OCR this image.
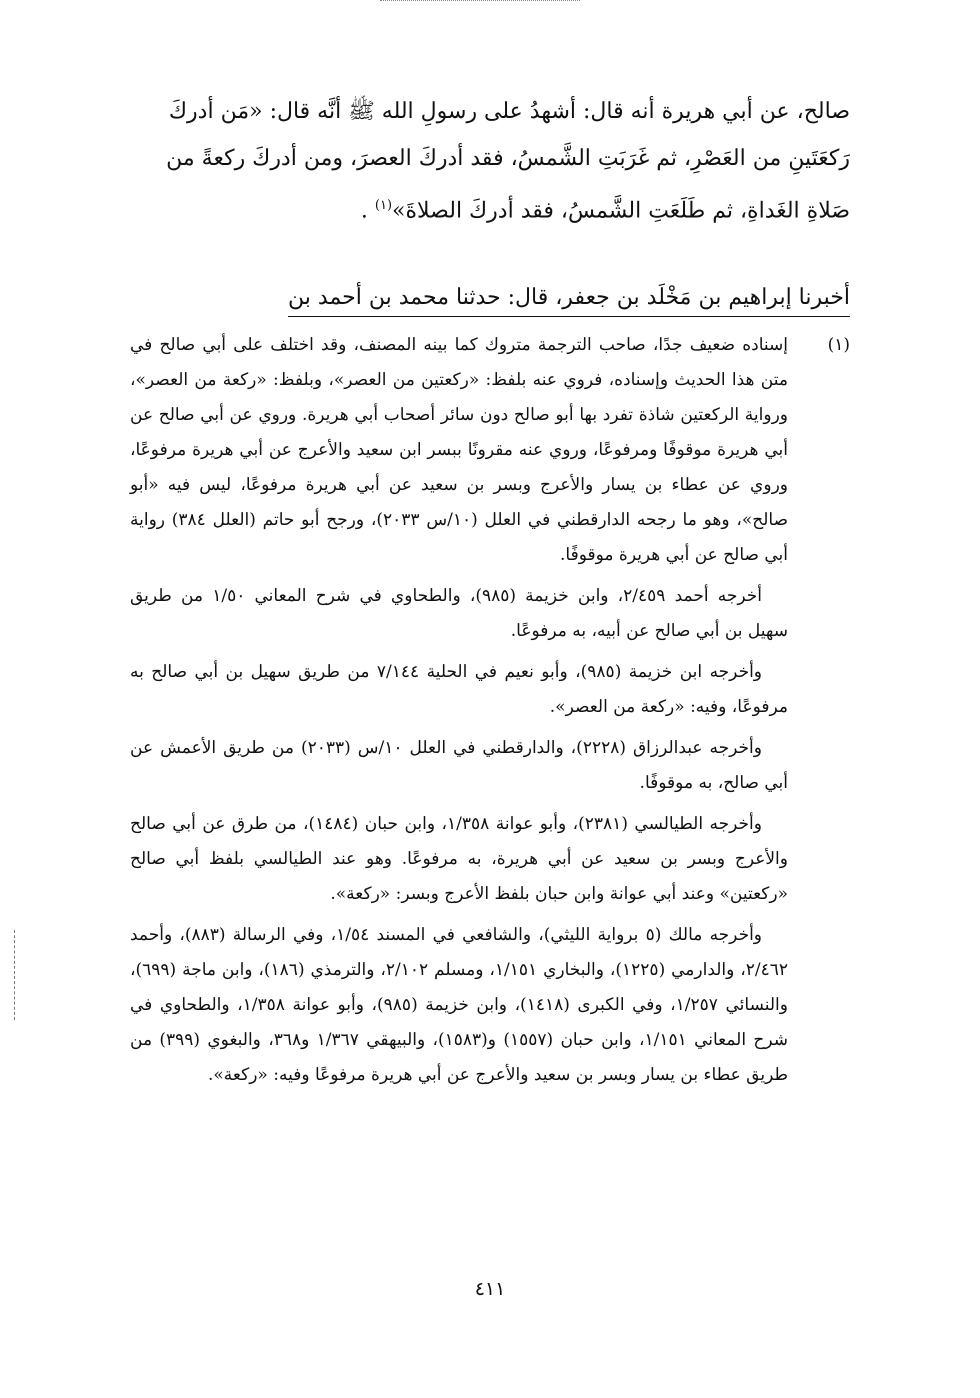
صالح، عن أبي هريرة أنه قال: أشهدُ على رسولِ الله ﷺ أنَّه قال: «مَن أدركَ

رَكعَتَينِ من العَصْرِ، ثم غَرَبَتِ الشَّمسُ، فقد أدركَ العصرَ، ومن أدركَ ركعةً من

صَلاةِ الغَداةِ، ثم طَلَعَتِ الشَّمسُ، فقد أدركَ الصلاةَ»$^{(١)}$ .

أخبرنا إبراهيم بن مَخْلَد بن جعفر، قال: حدثنا محمد بن أحمد بن

(١)
إسناده ضعيف جدًا، صاحب الترجمة متروك كما بينه المصنف، وقد اختلف على أبي صالح في متن هذا الحديث وإسناده، فروي عنه بلفظ: «ركعتين من العصر»، وبلفظ: «ركعة من العصر»، ورواية الركعتين شاذة تفرد بها أبو صالح دون سائر أصحاب أبي هريرة. وروي عن أبي صالح عن أبي هريرة موقوفًا ومرفوعًا، وروي عنه مقرونًا ببسر ابن سعيد والأعرج عن أبي هريرة مرفوعًا، وروي عن عطاء بن يسار والأعرج وبسر بن سعيد عن أبي هريرة مرفوعًا، ليس فيه «أبو صالح»، وهو ما رجحه الدارقطني في العلل (١٠/س ٢٠٣٣)، ورجح أبو حاتم (العلل ٣٨٤) رواية أبي صالح عن أبي هريرة موقوفًا.

أخرجه أحمد ٢/٤٥٩، وابن خزيمة (٩٨٥)، والطحاوي في شرح المعاني ١/٥٠ من طريق سهيل بن أبي صالح عن أبيه، به مرفوعًا.

وأخرجه ابن خزيمة (٩٨٥)، وأبو نعيم في الحلية ٧/١٤٤ من طريق سهيل بن أبي صالح به مرفوعًا، وفيه: «ركعة من العصر».

وأخرجه عبدالرزاق (٢٢٢٨)، والدارقطني في العلل ١٠/س (٢٠٣٣) من طريق الأعمش عن أبي صالح، به موقوفًا.

وأخرجه الطيالسي (٢٣٨١)، وأبو عوانة ١/٣٥٨، وابن حبان (١٤٨٤)، من طرق عن أبي صالح والأعرج وبسر بن سعيد عن أبي هريرة، به مرفوعًا. وهو عند الطيالسي بلفظ أبي صالح «ركعتين» وعند أبي عوانة وابن حبان بلفظ الأعرج وبسر: «ركعة».

وأخرجه مالك (٥ برواية الليثي)، والشافعي في المسند ١/٥٤، وفي الرسالة (٨٨٣)، وأحمد ٢/٤٦٢، والدارمي (١٢٢٥)، والبخاري ١/١٥١، ومسلم ٢/١٠٢، والترمذي (١٨٦)، وابن ماجة (٦٩٩)، والنسائي ١/٢٥٧، وفي الكبرى (١٤١٨)، وابن خزيمة (٩٨٥)، وأبو عوانة ١/٣٥٨، والطحاوي في شرح المعاني ١/١٥١، وابن حبان (١٥٥٧) و(١٥٨٣)، والبيهقي ١/٣٦٧ و٣٦٨، والبغوي (٣٩٩) من طريق عطاء بن يسار وبسر بن سعيد والأعرج عن أبي هريرة مرفوعًا وفيه: «ركعة».

٤١١
